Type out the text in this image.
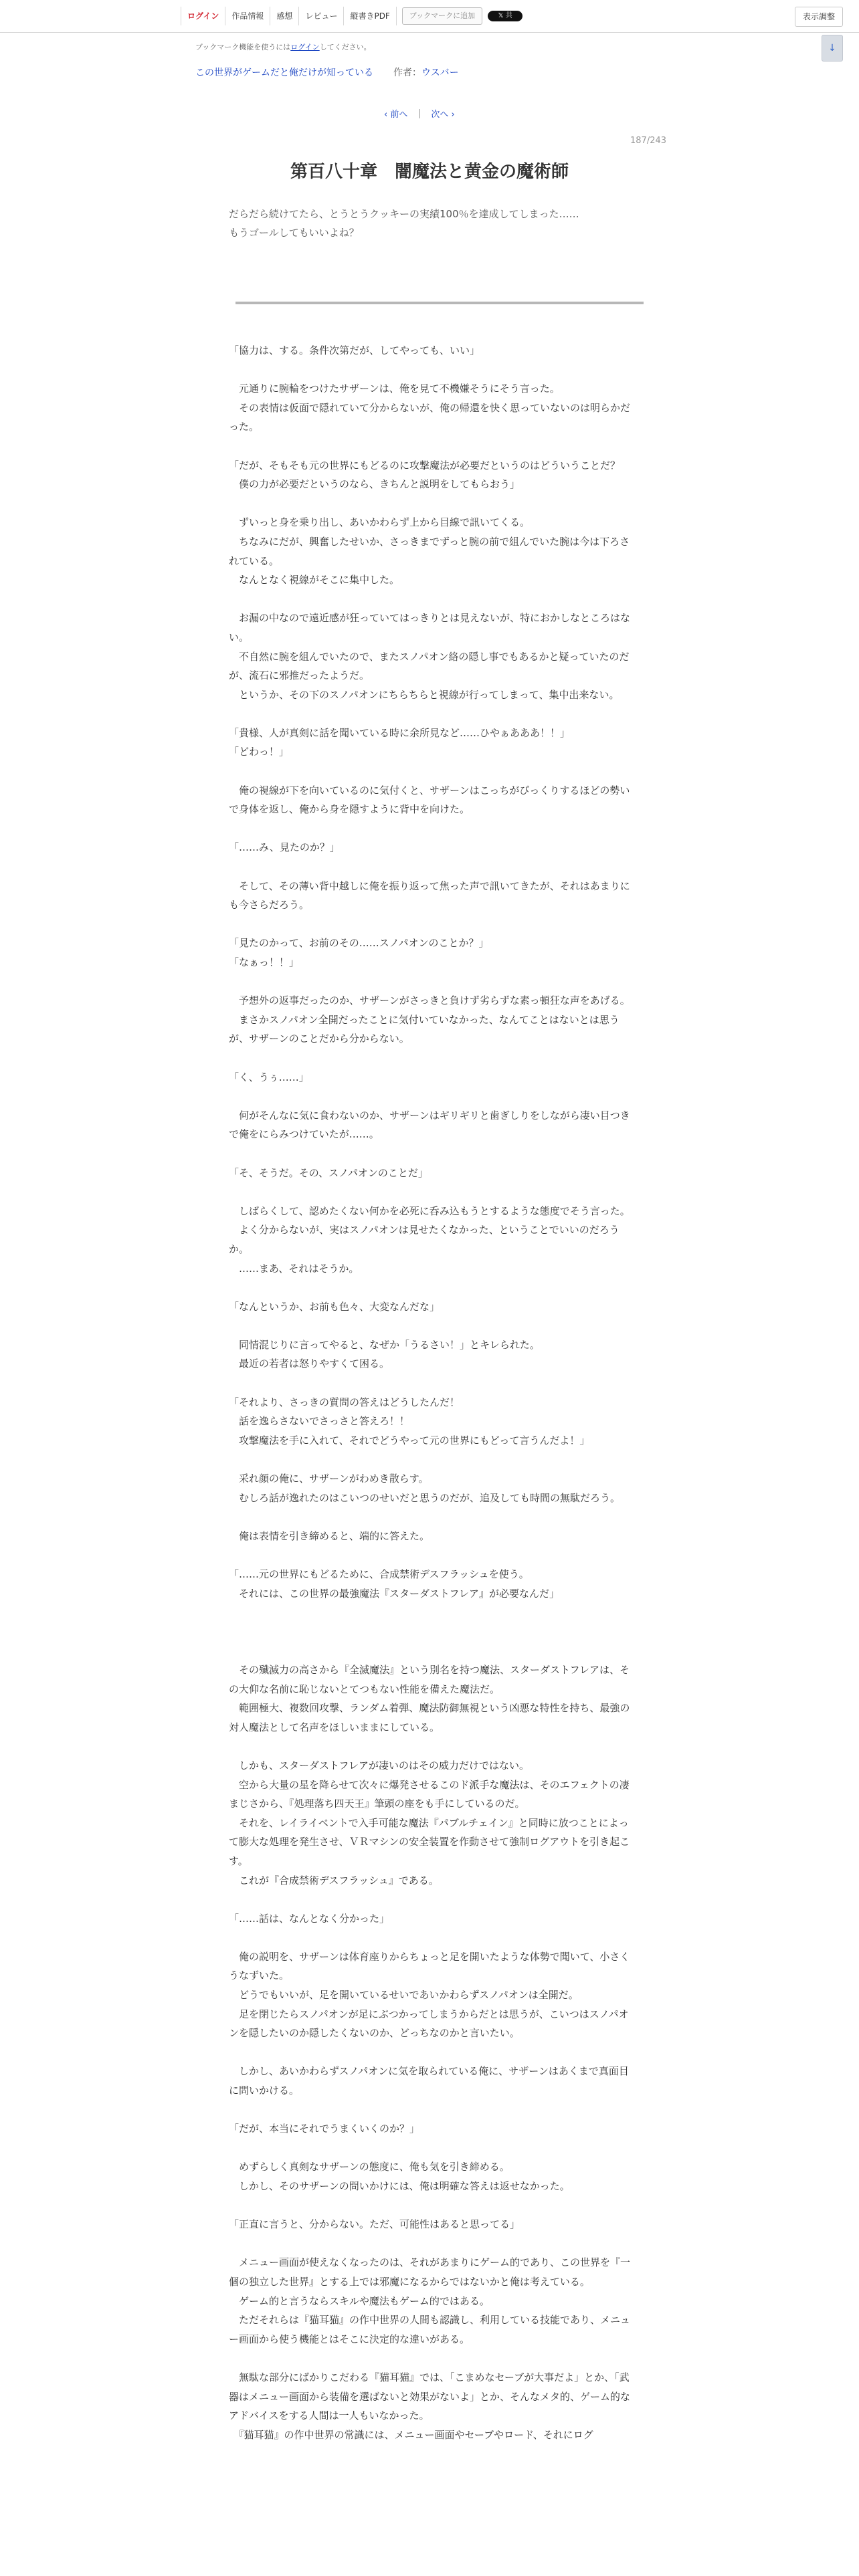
ログイン	作品情報	感想	レビュー	縦書きPDF	ブックマークに追加	𝕏 共	表示調整
ブックマーク機能を使うにはログインしてください。	↓
この世界がゲームだと俺だけが知っている 作者：ウスバー
‹ 前へ	次へ ›
187/243
第百八十章　闇魔法と黄金の魔術師

だらだら続けてたら、とうとうクッキーの実績100％を達成してしまった……

もうゴールしてもいいよね？

「協力は、する。条件次第だが、してやっても、いい」

　元通りに腕輪をつけたサザーンは、俺を見て不機嫌そうにそう言った。

　その表情は仮面で隠れていて分からないが、俺の帰還を快く思っていないのは明らかだった。

「だが、そもそも元の世界にもどるのに攻撃魔法が必要だというのはどういうことだ？

　僕の力が必要だというのなら、きちんと説明をしてもらおう」

　ずいっと身を乗り出し、あいかわらず上から目線で訊いてくる。

　ちなみにだが、興奮したせいか、さっきまでずっと腕の前で組んでいた腕は今は下ろされている。

　なんとなく視線がそこに集中した。

　お漏の中なので遠近感が狂っていてはっきりとは見えないが、特におかしなところはない。

　不自然に腕を組んでいたので、またスノパオン絡の隠し事でもあるかと疑っていたのだが、流石に邪推だったようだ。

　というか、その下のスノパオンにちらちらと視線が行ってしまって、集中出来ない。

「貴様、人が真剣に話を聞いている時に余所見など……ひやぁあああ！！」

「どわっ！」

　俺の視線が下を向いているのに気付くと、サザーンはこっちがびっくりするほどの勢いで身体を返し、俺から身を隠すように背中を向けた。

「……み、見たのか？」

　そして、その薄い背中越しに俺を振り返って焦った声で訊いてきたが、それはあまりにも今さらだろう。

「見たのかって、お前のその……スノパオンのことか？」

「なぁっ！！」

　予想外の返事だったのか、サザーンがさっきと負けず劣らずな素っ頓狂な声をあげる。

　まさかスノパオン全開だったことに気付いていなかった、なんてことはないとは思うが、サザーンのことだから分からない。

「く、うぅ……」

　何がそんなに気に食わないのか、サザーンはギリギリと歯ぎしりをしながら凄い目つきで俺をにらみつけていたが……。

「そ、そうだ。その、スノパオンのことだ」

　しばらくして、認めたくない何かを必死に呑み込もうとするような態度でそう言った。

　よく分からないが、実はスノパオンは見せたくなかった、ということでいいのだろうか。

　……まあ、それはそうか。

「なんというか、お前も色々、大変なんだな」

　同情混じりに言ってやると、なぜか「うるさい！」とキレられた。

　最近の若者は怒りやすくて困る。

「それより、さっきの質問の答えはどうしたんだ！

　話を逸らさないでさっさと答えろ！！

　攻撃魔法を手に入れて、それでどうやって元の世界にもどって言うんだよ！」

　采れ顔の俺に、サザーンがわめき散らす。

　むしろ話が逸れたのはこいつのせいだと思うのだが、追及しても時間の無駄だろう。

　俺は表情を引き締めると、端的に答えた。

「……元の世界にもどるために、合成禁術デスフラッシュを使う。

　それには、この世界の最強魔法『スターダストフレア』が必要なんだ」

　その殲滅力の高さから『全滅魔法』という別名を持つ魔法、スターダストフレアは、その大仰な名前に恥じないとてつもない性能を備えた魔法だ。

　範囲極大、複数回攻撃、ランダム着弾、魔法防御無視という凶悪な特性を持ち、最強の対人魔法として名声をほしいままにしている。

　しかも、スターダストフレアが凄いのはその威力だけではない。

　空から大量の星を降らせて次々に爆発させるこのド派手な魔法は、そのエフェクトの凄まじさから、『処理落ち四天王』筆頭の座をも手にしているのだ。

　それを、レイライベントで入手可能な魔法『パブルチェイン』と同時に放つことによって膨大な処理を発生させ、ＶＲマシンの安全装置を作動させて強制ログアウトを引き起こす。

　これが『合成禁術デスフラッシュ』である。

「……話は、なんとなく分かった」

　俺の説明を、サザーンは体育座りからちょっと足を開いたような体勢で聞いて、小さくうなずいた。

　どうでもいいが、足を開いているせいであいかわらずスノパオンは全開だ。

　足を閉じたらスノパオンが足にぶつかってしまうからだとは思うが、こいつはスノパオンを隠したいのか隠したくないのか、どっちなのかと言いたい。

　しかし、あいかわらずスノパオンに気を取られている俺に、サザーンはあくまで真面目に問いかける。

「だが、本当にそれでうまくいくのか？」

　めずらしく真剣なサザーンの態度に、俺も気を引き締める。

　しかし、そのサザーンの問いかけには、俺は明確な答えは返せなかった。

「正直に言うと、分からない。ただ、可能性はあると思ってる」

　メニュー画面が使えなくなったのは、それがあまりにゲーム的であり、この世界を『一個の独立した世界』とする上では邪魔になるからではないかと俺は考えている。

　ゲーム的と言うならスキルや魔法もゲーム的ではある。

　ただそれらは『猫耳猫』の作中世界の人間も認識し、利用している技能であり、メニュー画面から使う機能とはそこに決定的な違いがある。

　無駄な部分にばかりこだわる『猫耳猫』では、「こまめなセーブが大事だよ」とか、「武器はメニュー画面から装備を選ばないと効果がないよ」とか、そんなメタ的、ゲーム的なアドバイスをする人間は一人もいなかった。

　『猫耳猫』の作中世界の常識には、メニュー画面やセーブやロード、それにログ
